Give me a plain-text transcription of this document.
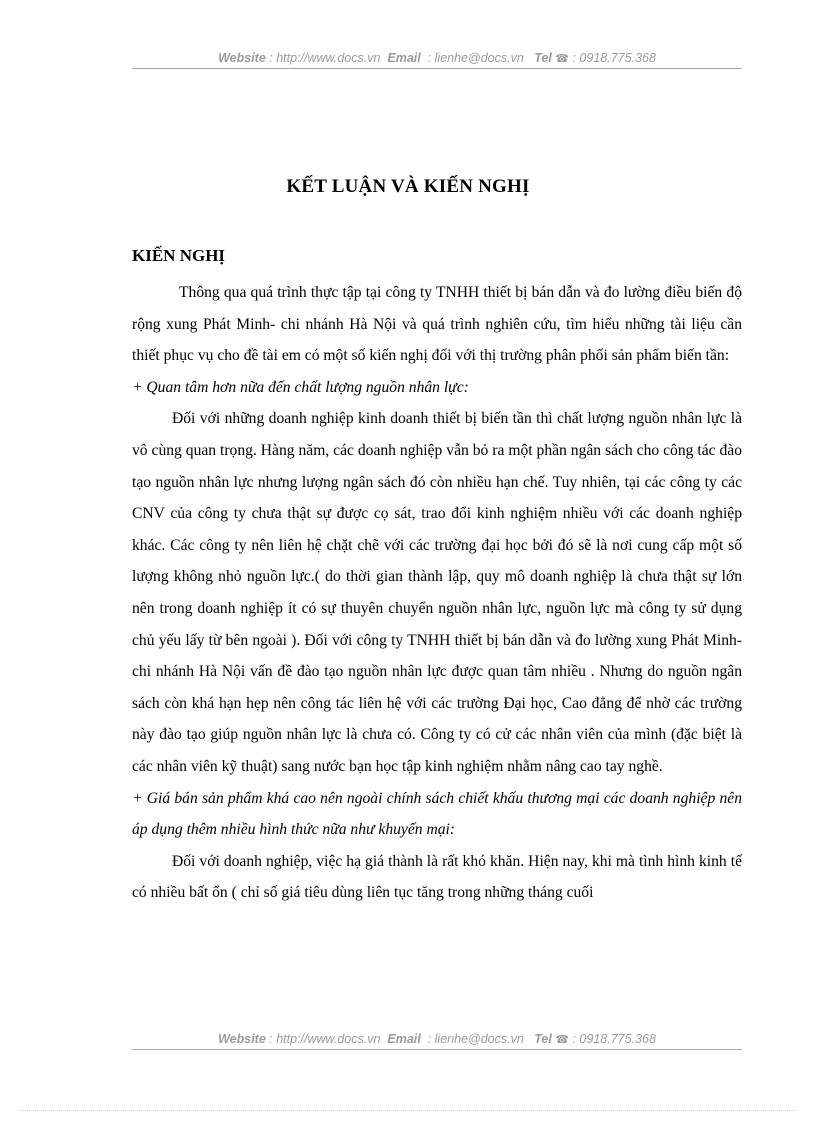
Website : http://www.docs.vn Email : lienhe@docs.vn Tel ☎ : 0918.775.368
KẾT LUẬN VÀ KIẾN NGHỊ
KIẾN NGHỊ

Thông qua quá trình thực tập tại công ty TNHH thiết bị bán dẫn và đo lường điều biến độ rộng xung Phát Minh- chi nhánh Hà Nội và quá trình nghiên cứu, tìm hiểu những tài liệu cần thiết phục vụ cho đề tài em có một số kiến nghị đối với thị trường phân phối sản phẩm biến tần:

+ Quan tâm hơn nữa đến chất lượng nguồn nhân lực:

Đối với những doanh nghiệp kinh doanh thiết bị biến tần thì chất lượng nguồn nhân lực là vô cùng quan trọng. Hàng năm, các doanh nghiệp vẫn bỏ ra một phần ngân sách cho công tác đào tạo nguồn nhân lực nhưng lượng ngân sách đó còn nhiều hạn chế. Tuy nhiên, tại các công ty các CNV của công ty chưa thật sự được cọ sát, trao đổi kinh nghiệm nhiều với các doanh nghiệp khác. Các công ty nên liên hệ chặt chẽ với các trường đại học bởi đó sẽ là nơi cung cấp một số lượng không nhỏ nguồn lực.( do thời gian thành lập, quy mô doanh nghiệp là chưa thật sự lớn nên trong doanh nghiệp ít có sự thuyên chuyển nguồn nhân lực, nguồn lực mà công ty sử dụng chủ yếu lấy từ bên ngoài ). Đối với công ty TNHH thiết bị bán dẫn và đo lường xung Phát Minh- chi nhánh Hà Nội vấn đề đào tạo nguồn nhân lực được quan tâm nhiều . Nhưng do nguồn ngân sách còn khá hạn hẹp nên công tác liên hệ với các trường Đại học, Cao đẳng để nhờ các trường này đào tạo giúp nguồn nhân lực là chưa có. Công ty có cử các nhân viên của mình (đặc biệt là các nhân viên kỹ thuật) sang nước bạn học tập kinh nghiệm nhằm nâng cao tay nghề.

+ Giá bán sản phẩm khá cao nên ngoài chính sách chiết khấu thương mại các doanh nghiệp nên áp dụng thêm nhiều hình thức nữa như khuyến mại:

Đối với doanh nghiệp, việc hạ giá thành là rất khó khăn. Hiện nay, khi mà tình hình kinh tế có nhiều bất ổn ( chỉ số giá tiêu dùng liên tục tăng trong những tháng cuối

Website : http://www.docs.vn Email : lienhe@docs.vn Tel ☎ : 0918.775.368
